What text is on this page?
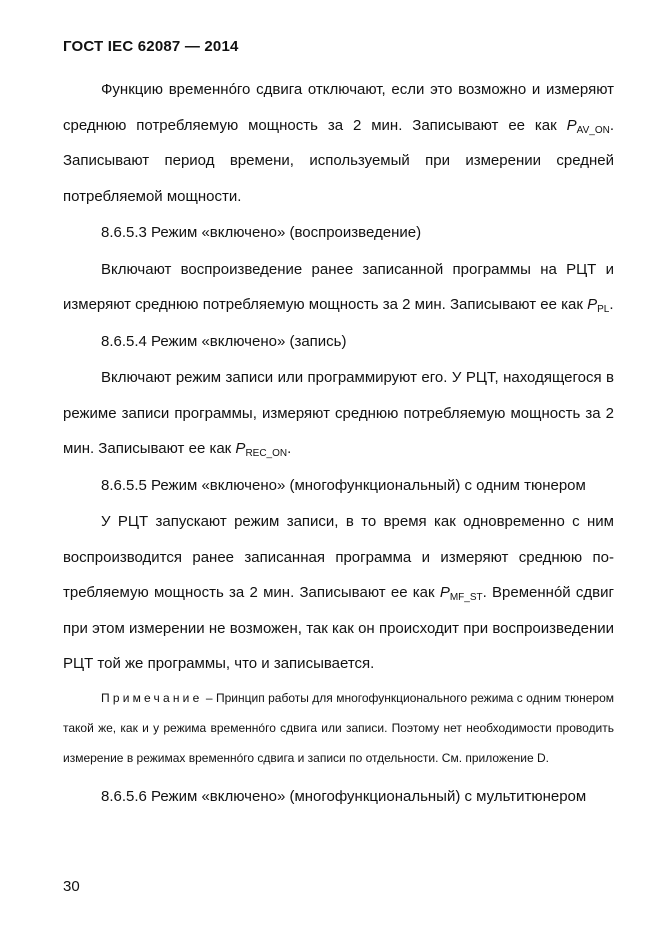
ГОСТ IEC 62087 — 2014

Функцию временнóго сдвига отключают, если это возможно и измеряют среднюю потребляемую мощность за 2 мин. Записывают ее как $P_{AV\_ON}$. Записывают период времени, используемый при измерении средней потребляемой мощности.

8.6.5.3 Режим «включено» (воспроизведение)

Включают воспроизведение ранее записанной программы на РЦТ и измеряют среднюю потребляемую мощность за 2 мин. Записывают ее как $P_{PL}$.

8.6.5.4 Режим «включено» (запись)

Включают режим записи или программируют его. У РЦТ, находящегося в режиме записи программы, измеряют среднюю потребляемую мощность за 2 мин. Записывают ее как $P_{REC\_ON}$.

8.6.5.5 Режим «включено» (многофункциональный) с одним тюнером

У РЦТ запускают режим записи, в то время как одновременно с ним воспроизводится ранее записанная программа и измеряют среднюю потребляемую мощность за 2 мин. Записывают ее как $P_{MF\_ST}$. Временнóй сдвиг при этом измерении не возможен, так как он происходит при воспроизведении РЦТ той же программы, что и записывается.

Примечание – Принцип работы для многофункционального режима с одним тюнером такой же, как и у режима временнóго сдвига или записи. Поэтому нет необходимости проводить измерение в режимах временнóго сдвига и записи по отдельности. См. приложение D.

8.6.5.6 Режим «включено» (многофункциональный) с мультитюнером

30
